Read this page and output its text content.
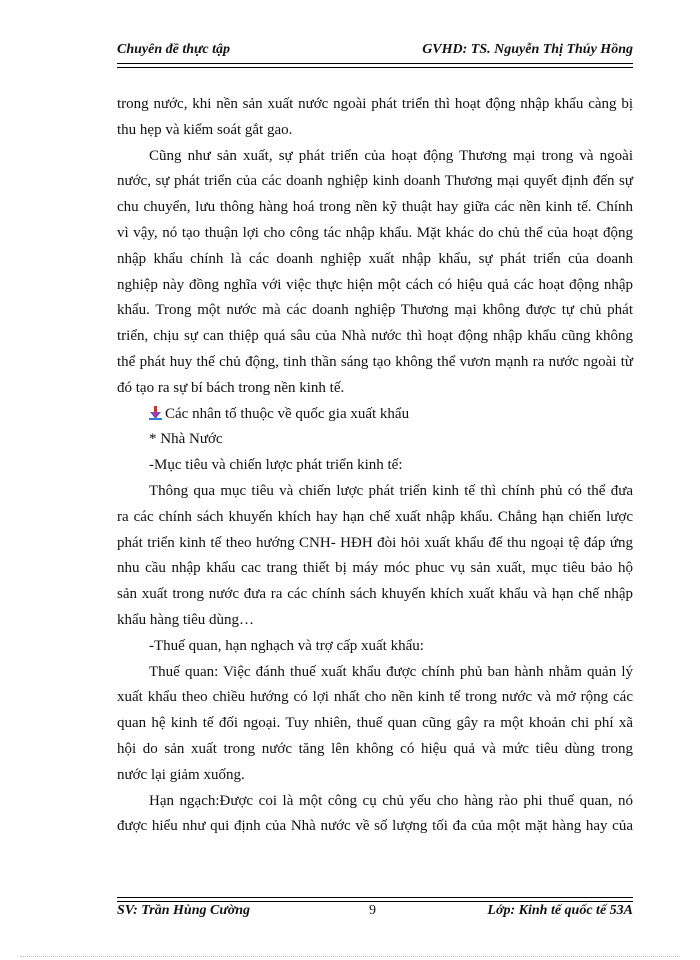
Chuyên đề thực tập	GVHD: TS. Nguyễn Thị Thúy Hồng
trong nước, khi nền sản xuất nước ngoài phát triển thì hoạt động nhập khẩu càng bị
thu hẹp và kiểm soát gắt gao.
Cũng như sản xuất, sự phát triển của hoạt động Thương mại trong và ngoài
nước, sự phát triển của các doanh nghiệp kinh doanh Thương mại quyết định đến sự
chu chuyển, lưu thông hàng hoá trong nền kỹ thuật hay giữa các nền kinh tế. Chính
vì vậy, nó tạo thuận lợi cho công tác nhập khẩu. Mặt khác do chủ thể của hoạt động
nhập khẩu chính là các doanh nghiệp xuất nhập khẩu, sự phát triển của doanh
nghiệp này đồng nghĩa với việc thực hiện một cách có hiệu quả các hoạt động nhập
khẩu. Trong một nước mà các doanh nghiệp Thương mại không được tự chủ phát
triển, chịu sự can thiệp quá sâu của Nhà nước thì hoạt động nhập khẩu cũng không
thể phát huy thế chủ động, tinh thần sáng tạo không thể vươn mạnh ra nước ngoài từ
đó tạo ra sự bí bách trong nền kinh tế.
Các nhân tố thuộc về quốc gia xuất khẩu
* Nhà Nước
-Mục tiêu và chiến lược phát triển kinh tế:
Thông qua mục tiêu và chiến lược phát triển kinh tế thì chính phủ có thể đưa
ra các chính sách khuyến khích hay hạn chế xuất nhập khẩu. Chẳng hạn chiến lược
phát triển kinh tế theo hướng CNH- HĐH đòi hỏi xuất khẩu để thu ngoại tệ đáp ứng
nhu cầu nhập khẩu cac trang thiết bị máy móc phuc vụ sản xuất, mục tiêu bảo hộ
sản xuất trong nước đưa ra các chính sách khuyến khích xuất khẩu và hạn chế nhập
khẩu hàng tiêu dùng…
-Thuế quan, hạn nghạch và trợ cấp xuất khẩu:
Thuế quan: Việc đánh thuế xuất khẩu được chính phủ ban hành nhằm quản lý
xuất khẩu theo chiều hướng có lợi nhất cho nền kinh tế trong nước và mở rộng các
quan hệ kinh tế đối ngoại. Tuy nhiên, thuế quan cũng gây ra một khoản chi phí xã
hội do sản xuất trong nước tăng lên không có hiệu quả và mức tiêu dùng trong
nước lại giảm xuống.
Hạn ngạch:Được coi là một công cụ chủ yếu cho hàng rào phi thuế quan, nó
được hiểu như qui định của Nhà nước về số lượng tối đa của một mặt hàng hay của
SV: Trần Hùng Cường	9	Lớp: Kinh tế quốc tế 53A
